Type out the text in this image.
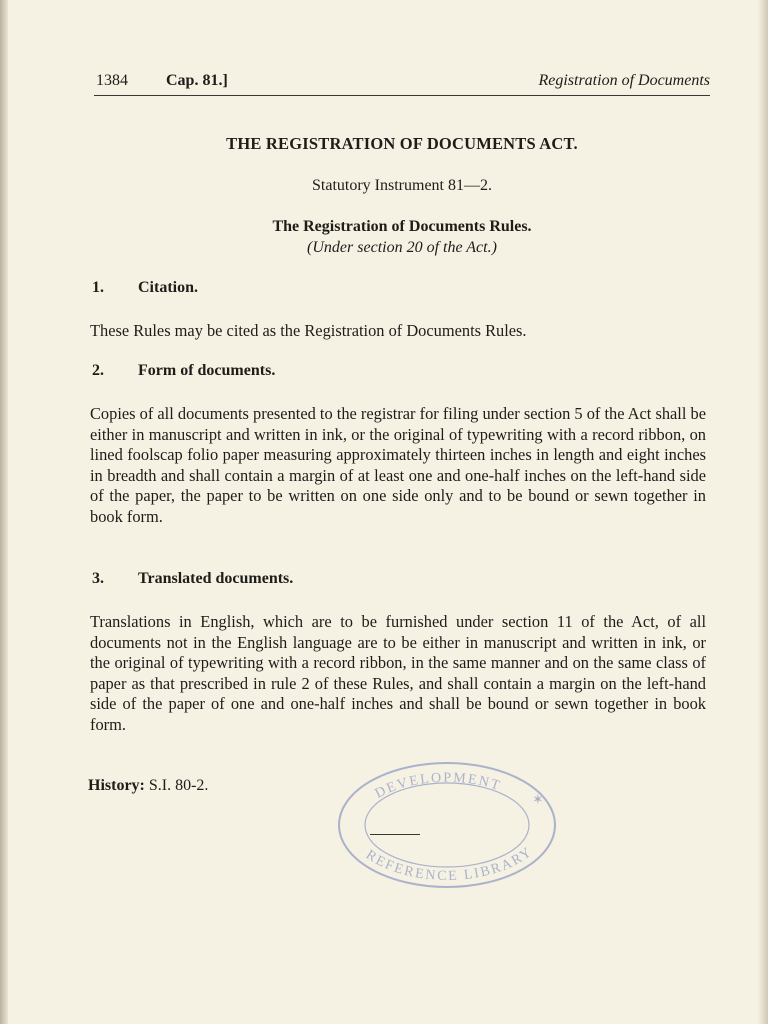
1384 Cap. 81.]	Registration of Documents
THE REGISTRATION OF DOCUMENTS ACT.
Statutory Instrument 81—2.
The Registration of Documents Rules.
(Under section 20 of the Act.)
1. Citation.
These Rules may be cited as the Registration of Documents Rules.
2. Form of documents.
Copies of all documents presented to the registrar for filing under section 5 of the Act shall be either in manuscript and written in ink, or the original of typewriting with a record ribbon, on lined foolscap folio paper measuring approximately thirteen inches in length and eight inches in breadth and shall contain a margin of at least one and one-half inches on the left-hand side of the paper, the paper to be written on one side only and to be bound or sewn together in book form.
3. Translated documents.
Translations in English, which are to be furnished under section 11 of the Act, of all documents not in the English language are to be either in manuscript and written in ink, or the original of typewriting with a record ribbon, in the same manner and on the same class of paper as that prescribed in rule 2 of these Rules, and shall contain a margin on the left-hand side of the paper of one and one-half inches and shall be bound or sewn together in book form.
History: S.I. 80-2.	DEVELOPMENT
REFERENCE LIBRARY
✶
